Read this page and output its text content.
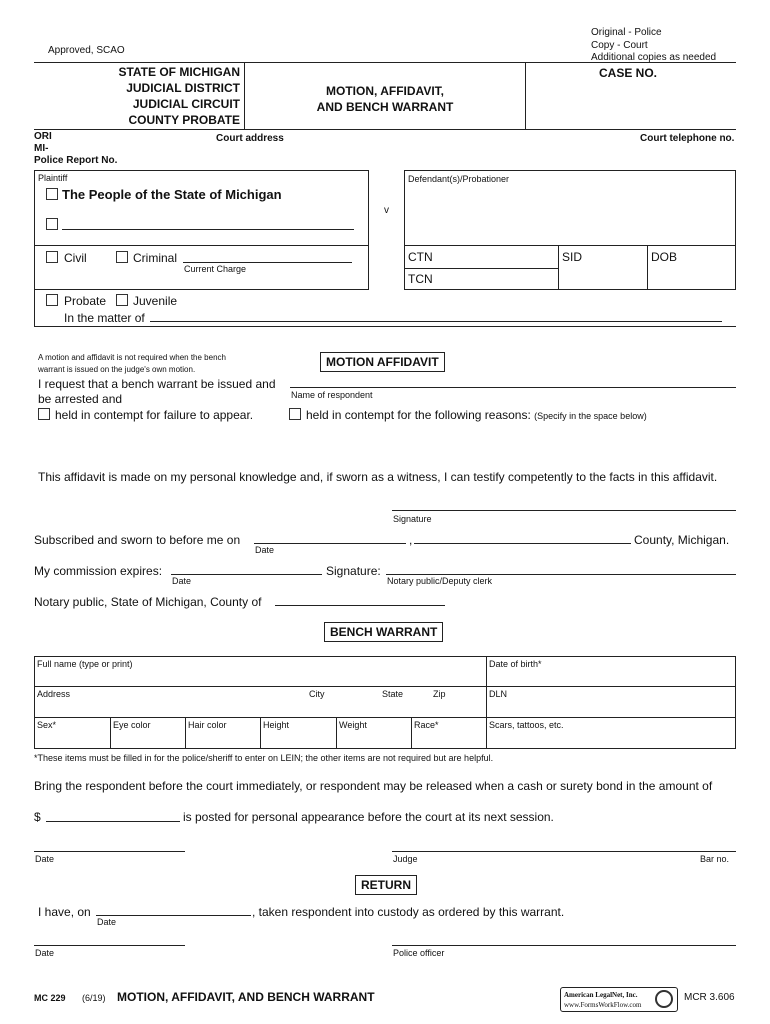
Approved, SCAO
Original - Police
Copy - Court
Additional copies as needed
STATE OF MICHIGAN
JUDICIAL DISTRICT
JUDICIAL CIRCUIT
COUNTY PROBATE
MOTION, AFFIDAVIT,
AND BENCH WARRANT
CASE NO.
ORI
MI-
Court address	Court telephone no.
Police Report No.
Plaintiff
The People of the State of Michigan
v
Defendant(s)/Probationer
Civil	Criminal
Current Charge
CTN	SID	DOB
TCN
Probate Juvenile
In the matter of
A motion and affidavit is not required when the bench
warrant is issued on the judge's own motion.
MOTION AFFIDAVIT
I request that a bench warrant be issued and
Name of respondent
be arrested and
held in contempt for failure to appear.	held in contempt for the following reasons: (Specify in the space below)
This affidavit is made on my personal knowledge and, if sworn as a witness, I can testify competently to the facts in this affidavit.
Signature
Subscribed and sworn to before me on
Date
,	County, Michigan.
My commission expires:
Date
Signature:
Notary public/Deputy clerk
Notary public, State of Michigan, County of
BENCH WARRANT
Full name (type or print)	Date of birth*
Address	City	State	Zip	DLN
Sex*	Eye color	Hair color	Height	Weight	Race*	Scars, tattoos, etc.
*These items must be filled in for the police/sheriff to enter on LEIN; the other items are not required but are helpful.
Bring the respondent before the court immediately, or respondent may be released when a cash or surety bond in the amount of
$	is posted for personal appearance before the court at its next session.
Date	Judge	Bar no.
RETURN
I have, on
Date
, taken respondent into custody as ordered by this warrant.
Date	Police officer
MC 229 (6/19) MOTION, AFFIDAVIT, AND BENCH WARRANT	American LegalNet, Inc.
www.FormsWorkFlow.com
MCR 3.606
